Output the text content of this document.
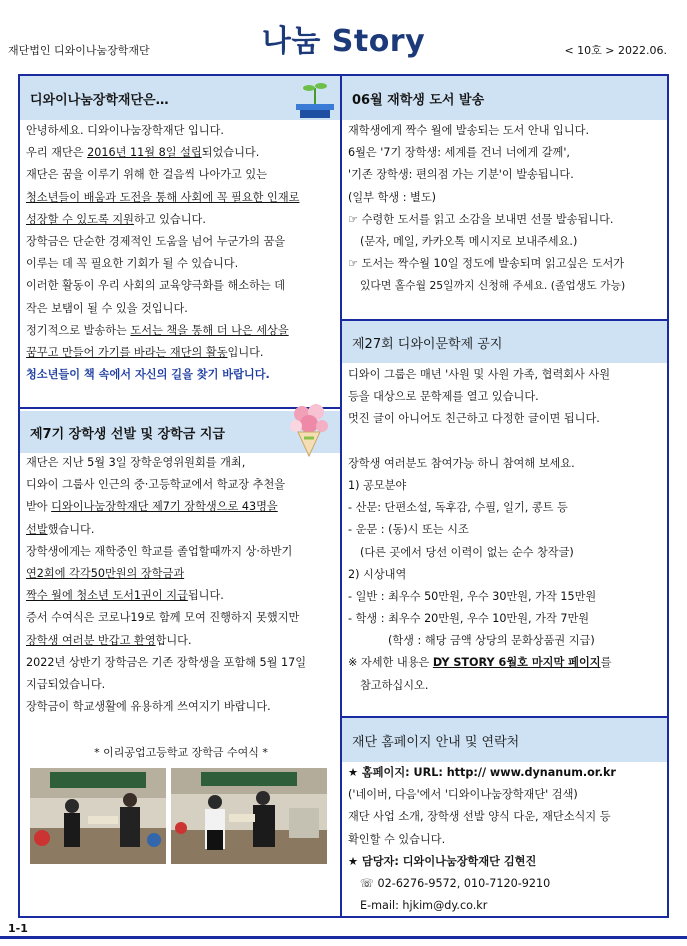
재단법인 디와이나눔장학재단	나눔 Story	< 10호 > 2022.06.
디와이나눔장학재단은…
안녕하세요. 디와이나눔장학재단 입니다.
우리 재단은 2016년 11월 8일 설립되었습니다.
재단은 꿈을 이루기 위해 한 걸음씩 나아가고 있는
청소년들이 배움과 도전을 통해 사회에 꼭 필요한 인재로
성장할 수 있도록 지원하고 있습니다.
장학금은 단순한 경제적인 도움을 넘어 누군가의 꿈을
이루는 데 꼭 필요한 기회가 될 수 있습니다.
이러한 활동이 우리 사회의 교육양극화를 해소하는 데
작은 보탬이 될 수 있을 것입니다.
정기적으로 발송하는 도서는 책을 통해 더 나은 세상을
꿈꾸고 만들어 가기를 바라는 재단의 활동입니다.
청소년들이 책 속에서 자신의 길을 찾기 바랍니다.
제7기 장학생 선발 및 장학금 지급
재단은 지난 5월 3일 장학운영위원회를 개최,
디와이 그룹사 인근의 중·고등학교에서 학교장 추천을
받아 디와이나눔장학재단 제7기 장학생으로 43명을
선발했습니다.
장학생에게는 재학중인 학교를 졸업할때까지 상·하반기
연2회에 각각50만원의 장학금과
짝수 월에 청소년 도서1권이 지급됩니다.
증서 수여식은 코로나19로 함께 모여 진행하지 못했지만
장학생 여러분 반갑고 환영합니다.
2022년 상반기 장학금은 기존 장학생을 포함해 5월 17일
지급되었습니다.
장학금이 학교생활에 유용하게 쓰여지기 바랍니다.
* 이리공업고등학교 장학금 수여식 *
06월 재학생 도서 발송
재학생에게 짝수 월에 발송되는 도서 안내 입니다.
6월은 '7기 장학생: 세계를 건너 너에게 갈께',
'기존 장학생: 편의점 가는 기분'이 발송됩니다.
(일부 학생 : 별도)
☞ 수령한 도서를 읽고 소감을 보내면 선물 발송됩니다.
(문자, 메일, 카카오톡 메시지로 보내주세요.)
☞ 도서는 짝수월 10일 정도에 발송되며 읽고싶은 도서가
있다면 홀수월 25일까지 신청해 주세요. (졸업생도 가능)
제27회 디와이문학제 공지
디와이 그룹은 매년 '사원 및 사원 가족, 협력회사 사원
등을 대상으로 문학제를 열고 있습니다.
멋진 글이 아니어도 친근하고 다정한 글이면 됩니다.
장학생 여러분도 참여가능 하니 참여해 보세요.
1) 공모분야
- 산문: 단편소설, 독후감, 수필, 일기, 콩트 등
- 운문 : (동)시 또는 시조
(다른 곳에서 당선 이력이 없는 순수 창작글)
2) 시상내역
- 일반 : 최우수 50만원, 우수 30만원, 가작 15만원
- 학생 : 최우수 20만원, 우수 10만원, 가작 7만원
(학생 : 해당 금액 상당의 문화상품권 지급)
※ 자세한 내용은 DY STORY 6월호 마지막 페이지를
참고하십시오.
재단 홈페이지 안내 및 연락처
★ 홈페이지: URL: http:// www.dynanum.or.kr
('네이버, 다음'에서 '디와이나눔장학재단' 검색)
재단 사업 소개, 장학생 선발 양식 다운, 재단소식지 등
확인할 수 있습니다.
★ 담당자: 디와이나눔장학재단 김현진
☏ 02-6276-9572, 010-7120-9210
E-mail: hjkim@dy.co.kr
1-1
